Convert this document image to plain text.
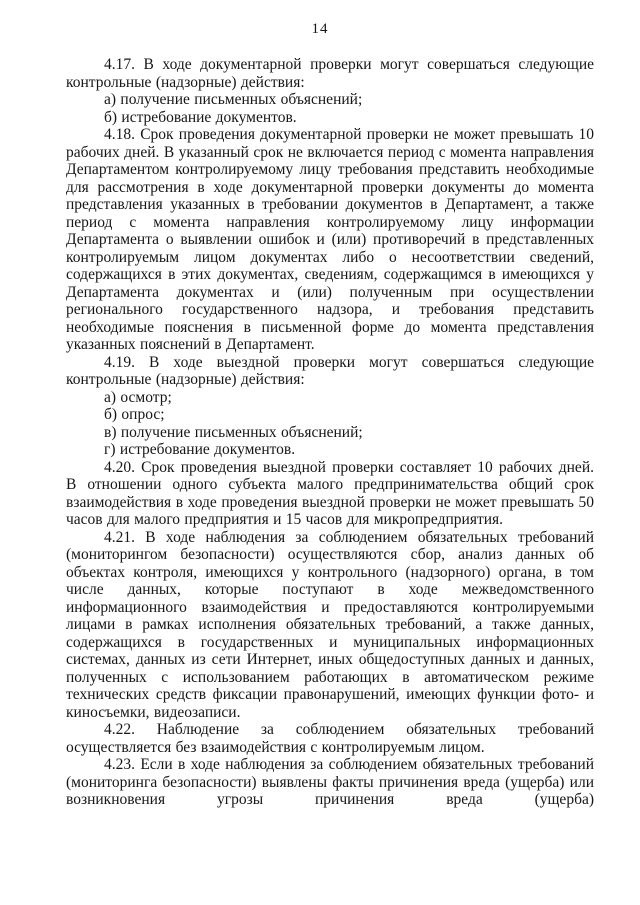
14

4.17. В ходе документарной проверки могут совершаться следующие контрольные (надзорные) действия:

а) получение письменных объяснений;

б) истребование документов.

4.18. Срок проведения документарной проверки не может превышать 10 рабочих дней. В указанный срок не включается период с момента направления Департаментом контролируемому лицу требования представить необходимые для рассмотрения в ходе документарной проверки документы до момента представления указанных в требовании документов в Департамент, а также период с момента направления контролируемому лицу информации Департамента о выявлении ошибок и (или) противоречий в представленных контролируемым лицом документах либо о несоответствии сведений, содержащихся в этих документах, сведениям, содержащимся в имеющихся у Департамента документах и (или) полученным при осуществлении регионального государственного надзора, и требования представить необходимые пояснения в письменной форме до момента представления указанных пояснений в Департамент.

4.19. В ходе выездной проверки могут совершаться следующие контрольные (надзорные) действия:

а) осмотр;

б) опрос;

в) получение письменных объяснений;

г) истребование документов.

4.20. Срок проведения выездной проверки составляет 10 рабочих дней. В отношении одного субъекта малого предпринимательства общий срок взаимодействия в ходе проведения выездной проверки не может превышать 50 часов для малого предприятия и 15 часов для микропредприятия.

4.21. В ходе наблюдения за соблюдением обязательных требований (мониторингом безопасности) осуществляются сбор, анализ данных об объектах контроля, имеющихся у контрольного (надзорного) органа, в том числе данных, которые поступают в ходе межведомственного информационного взаимодействия и предоставляются контролируемыми лицами в рамках исполнения обязательных требований, а также данных, содержащихся в государственных и муниципальных информационных системах, данных из сети Интернет, иных общедоступных данных и данных, полученных с использованием работающих в автоматическом режиме технических средств фиксации правонарушений, имеющих функции фото- и киносъемки, видеозаписи.

4.22. Наблюдение за соблюдением обязательных требований осуществляется без взаимодействия с контролируемым лицом.

4.23. Если в ходе наблюдения за соблюдением обязательных требований (мониторинга безопасности) выявлены факты причинения вреда (ущерба) или возникновения угрозы причинения вреда (ущерба)
